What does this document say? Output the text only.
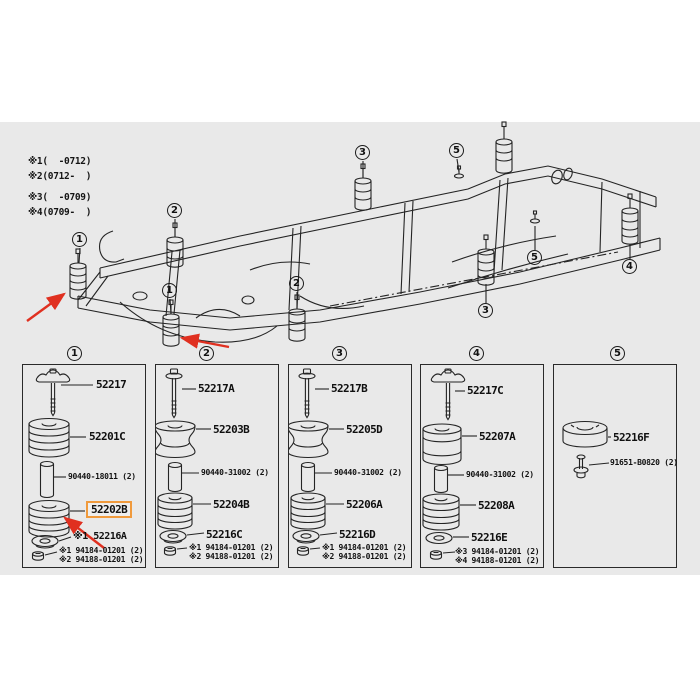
※1(  -0712)
※2(0712-  )
※3(  -0709)
※4(0709-  )
1
2
1
2
3	5
5
3
4
1	2	3	4	5
52217
52201C
90440-18011 (2)
52202B
※1 52216A
※1 94184-01201 (2)
※2 94188-01201 (2)
52217A
52203B
90440-31002 (2)
52204B
52216C
※1 94184-01201 (2)
※2 94188-01201 (2)
52217B
52205D
90440-31002 (2)
52206A
52216D
※1 94184-01201 (2)
※2 94188-01201 (2)
52217C
52207A
90440-31002 (2)
52208A
52216E
※3 94184-01201 (2)
※4 94188-01201 (2)
52216F
91651-B0820 (2)
